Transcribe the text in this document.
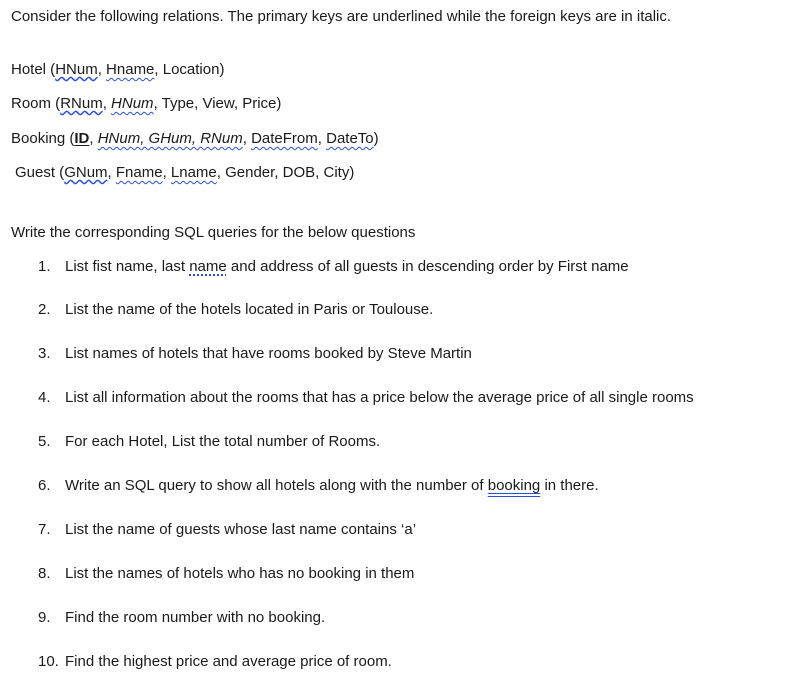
Consider the following relations. The primary keys are underlined while the foreign keys are in italic.
Hotel (HNum, Hname, Location)
Room (RNum, HNum, Type, View, Price)
Booking (ID, HNum, GHum, RNum, DateFrom, DateTo)
Guest (GNum, Fname, Lname, Gender, DOB, City)
Write the corresponding SQL queries for the below questions
1. List fist name, last name and address of all guests in descending order by First name
2. List the name of the hotels located in Paris or Toulouse.
3. List names of hotels that have rooms booked by Steve Martin
4. List all information about the rooms that has a price below the average price of all single rooms
5. For each Hotel, List the total number of Rooms.
6. Write an SQL query to show all hotels along with the number of booking in there.
7. List the name of guests whose last name contains ‘a’
8. List the names of hotels who has no booking in them
9. Find the room number with no booking.
10. Find the highest price and average price of room.
